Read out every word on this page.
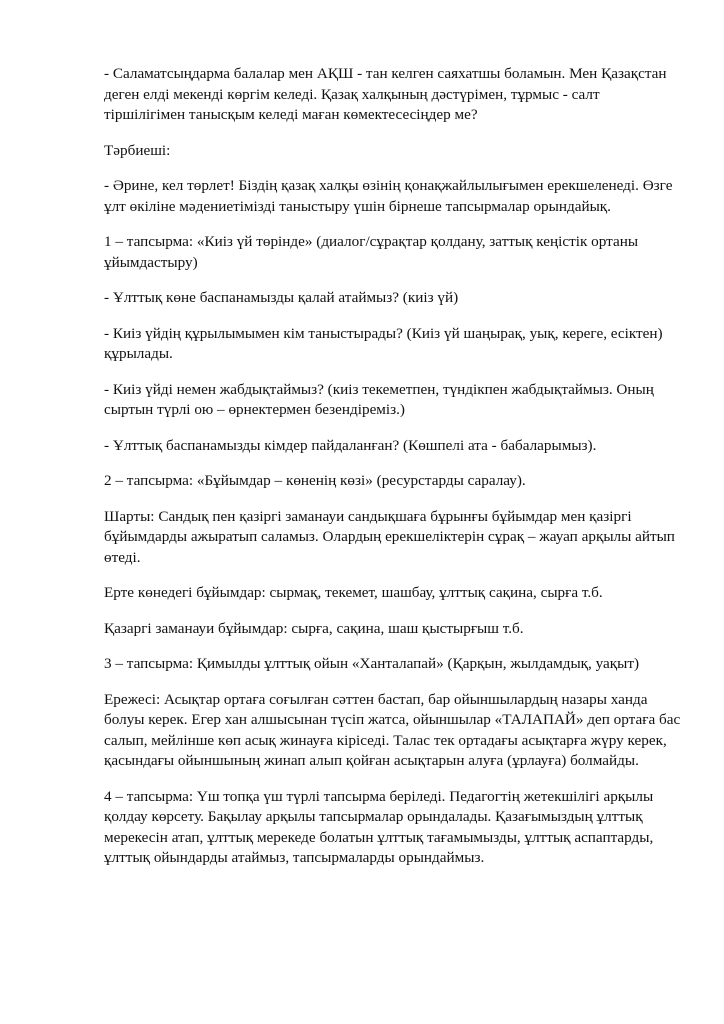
- Саламатсыңдарма балалар мен АҚШ - тан келген саяхатшы боламын. Мен Қазақстан деген елді мекенді көргім келеді. Қазақ халқының дәстүрімен, тұрмыс - салт тіршілігімен танысқым келеді маған көмектесесіңдер ме?

Тәрбиеші:

- Әрине, кел төрлет! Біздің қазақ халқы өзінің қонақжайлылығымен ерекшеленеді. Өзге ұлт өкіліне мәдениетімізді таныстыру үшін бірнеше тапсырмалар орындайық.

1 – тапсырма: «Киіз үй төрінде» (диалог/сұрақтар қолдану, заттық кеңістік ортаны ұйымдастыру)

- Ұлттық көне баспанамызды қалай атаймыз? (киіз үй)

- Киіз үйдің құрылымымен кім таныстырады? (Киіз үй шаңырақ, уық, кереге, есіктен) құрылады.

- Киіз үйді немен жабдықтаймыз? (киіз текеметпен, түндікпен жабдықтаймыз. Оның сыртын түрлі ою – өрнектермен безендіреміз.)

- Ұлттық баспанамызды кімдер пайдаланған? (Көшпелі ата - бабаларымыз).

2 – тапсырма: «Бұйымдар – көненің көзі» (ресурстарды саралау).

Шарты: Сандық пен қазіргі заманауи сандықшаға бұрынғы бұйымдар мен қазіргі бұйымдарды ажыратып саламыз. Олардың ерекшеліктерін сұрақ – жауап арқылы айтып өтеді.

Ерте көнедегі бұйымдар: сырмақ, текемет, шашбау, ұлттық сақина, сырға т.б.

Қазаргі заманауи бұйымдар: сырға, сақина, шаш қыстырғыш т.б.

3 – тапсырма: Қимылды ұлттық ойын «Ханталапай» (Қарқын, жылдамдық, уақыт)

Ережесі: Асықтар ортаға соғылған сәттен бастап, бар ойыншылардың назары ханда болуы керек. Егер хан алшысынан түсіп жатса, ойыншылар «ТАЛАПАЙ» деп ортаға бас салып, мейлінше көп асық жинауға кіріседі. Талас тек ортадағы асықтарға жүру керек, қасындағы ойыншының жинап алып қойған асықтарын алуға (ұрлауға) болмайды.

4 – тапсырма: Үш топқа үш түрлі тапсырма беріледі. Педагогтің жетекшілігі арқылы қолдау көрсету. Бақылау арқылы тапсырмалар орындалады. Қазағымыздың ұлттық мерекесін атап, ұлттық мерекеде болатын ұлттық тағамымызды, ұлттық аспаптарды, ұлттық ойындарды атаймыз, тапсырмаларды орындаймыз.
